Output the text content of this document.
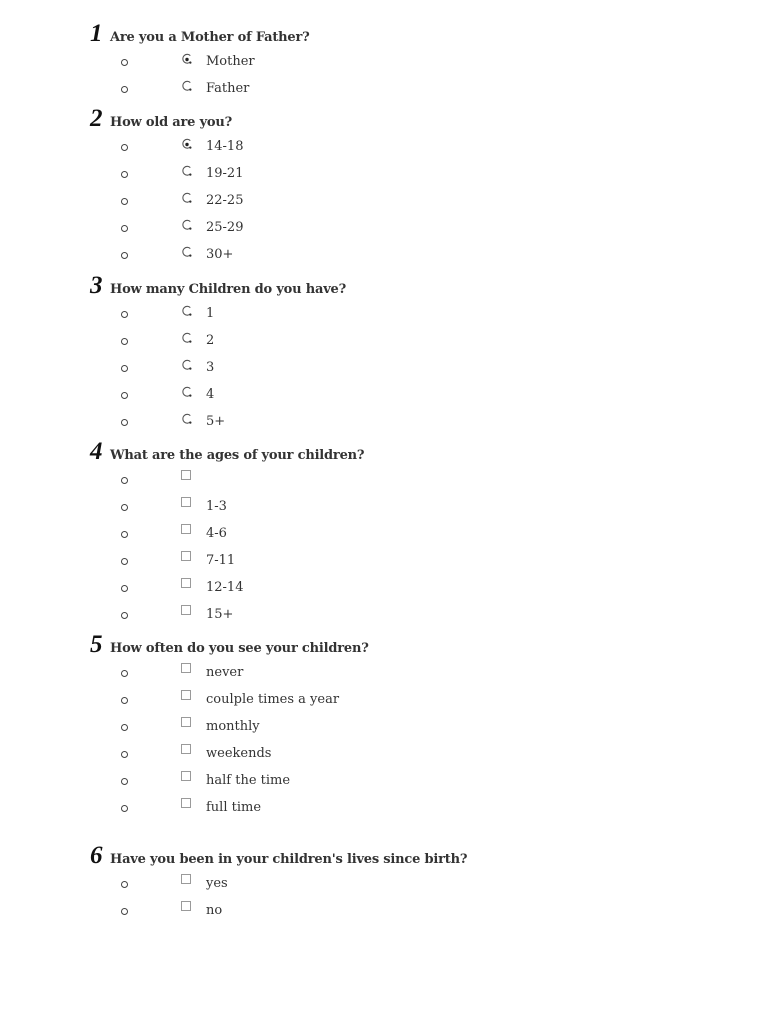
1 Are you a Mother of Father?
Mother
Father
2 How old are you?
14-18
19-21
22-25
25-29
30+
3 How many Children do you have?
1
2
3
4
5+
4 What are the ages of your children?
1-3
4-6
7-11
12-14
15+
5 How often do you see your children?
never
coulple times a year
monthly
weekends
half the time
full time
6 Have you been in your children's lives since birth?
yes
no
